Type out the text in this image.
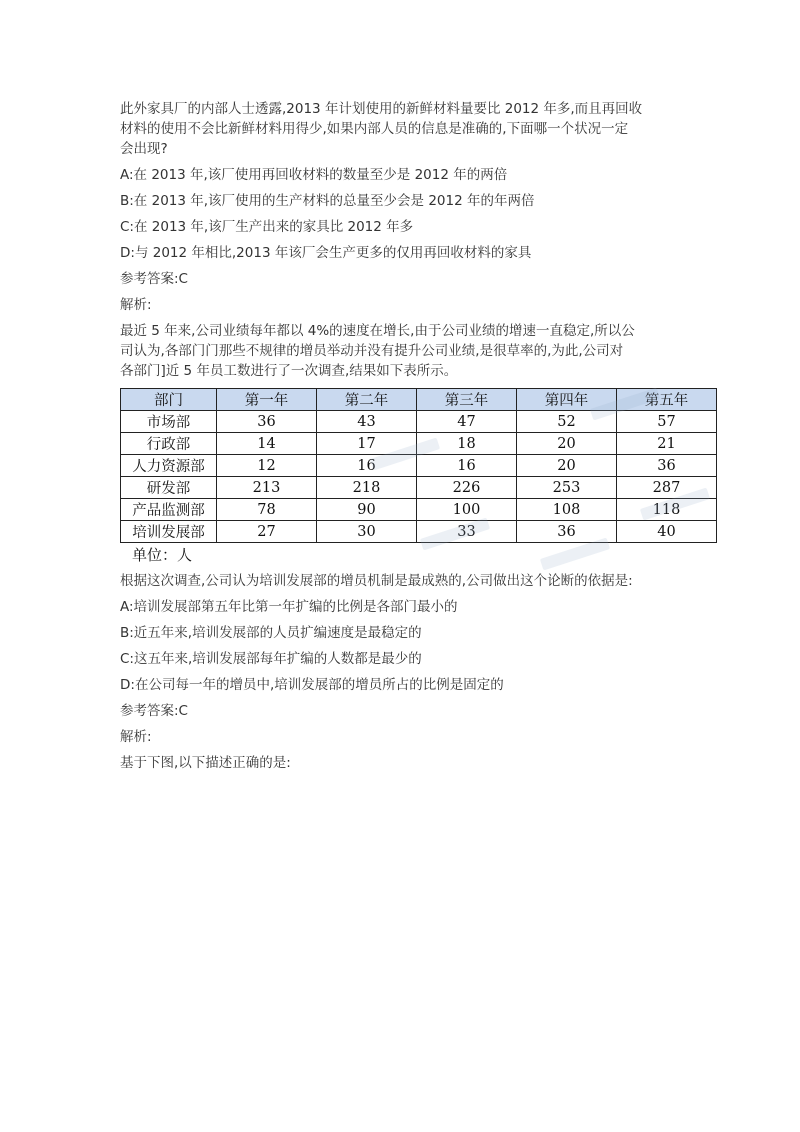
此外家具厂的内部人士透露,2013 年计划使用的新鲜材料量要比 2012 年多,而且再回收

材料的使用不会比新鲜材料用得少,如果内部人员的信息是准确的,下面哪一个状况一定

会出现?

A:在 2013 年,该厂使用再回收材料的数量至少是 2012 年的两倍

B:在 2013 年,该厂使用的生产材料的总量至少会是 2012 年的年两倍

C:在 2013 年,该厂生产出来的家具比 2012 年多

D:与 2012 年相比,2013 年该厂会生产更多的仅用再回收材料的家具

参考答案:C

解析:

最近 5 年来,公司业绩每年都以 4%的速度在增长,由于公司业绩的增速一直稳定,所以公

司认为,各部门门那些不规律的增员举动并没有提升公司业绩,是很草率的,为此,公司对

各部门]近 5 年员工数进行了一次调查,结果如下表所示。

部门	第一年	第二年	第三年	第四年	第五年
市场部	36	43	47	52	57
行政部	14	17	18	20	21
人力资源部	12	16	16	20	36
研发部	213	218	226	253	287
产品监测部	78	90	100	108	118
培训发展部	27	30	33	36	40
单位：人

根据这次调查,公司认为培训发展部的增员机制是最成熟的,公司做出这个论断的依据是:

A:培训发展部第五年比第一年扩编的比例是各部门最小的

B:近五年来,培训发展部的人员扩编速度是最稳定的

C:这五年来,培训发展部每年扩编的人数都是最少的

D:在公司每一年的增员中,培训发展部的增员所占的比例是固定的

参考答案:C

解析:

基于下图,以下描述正确的是:
